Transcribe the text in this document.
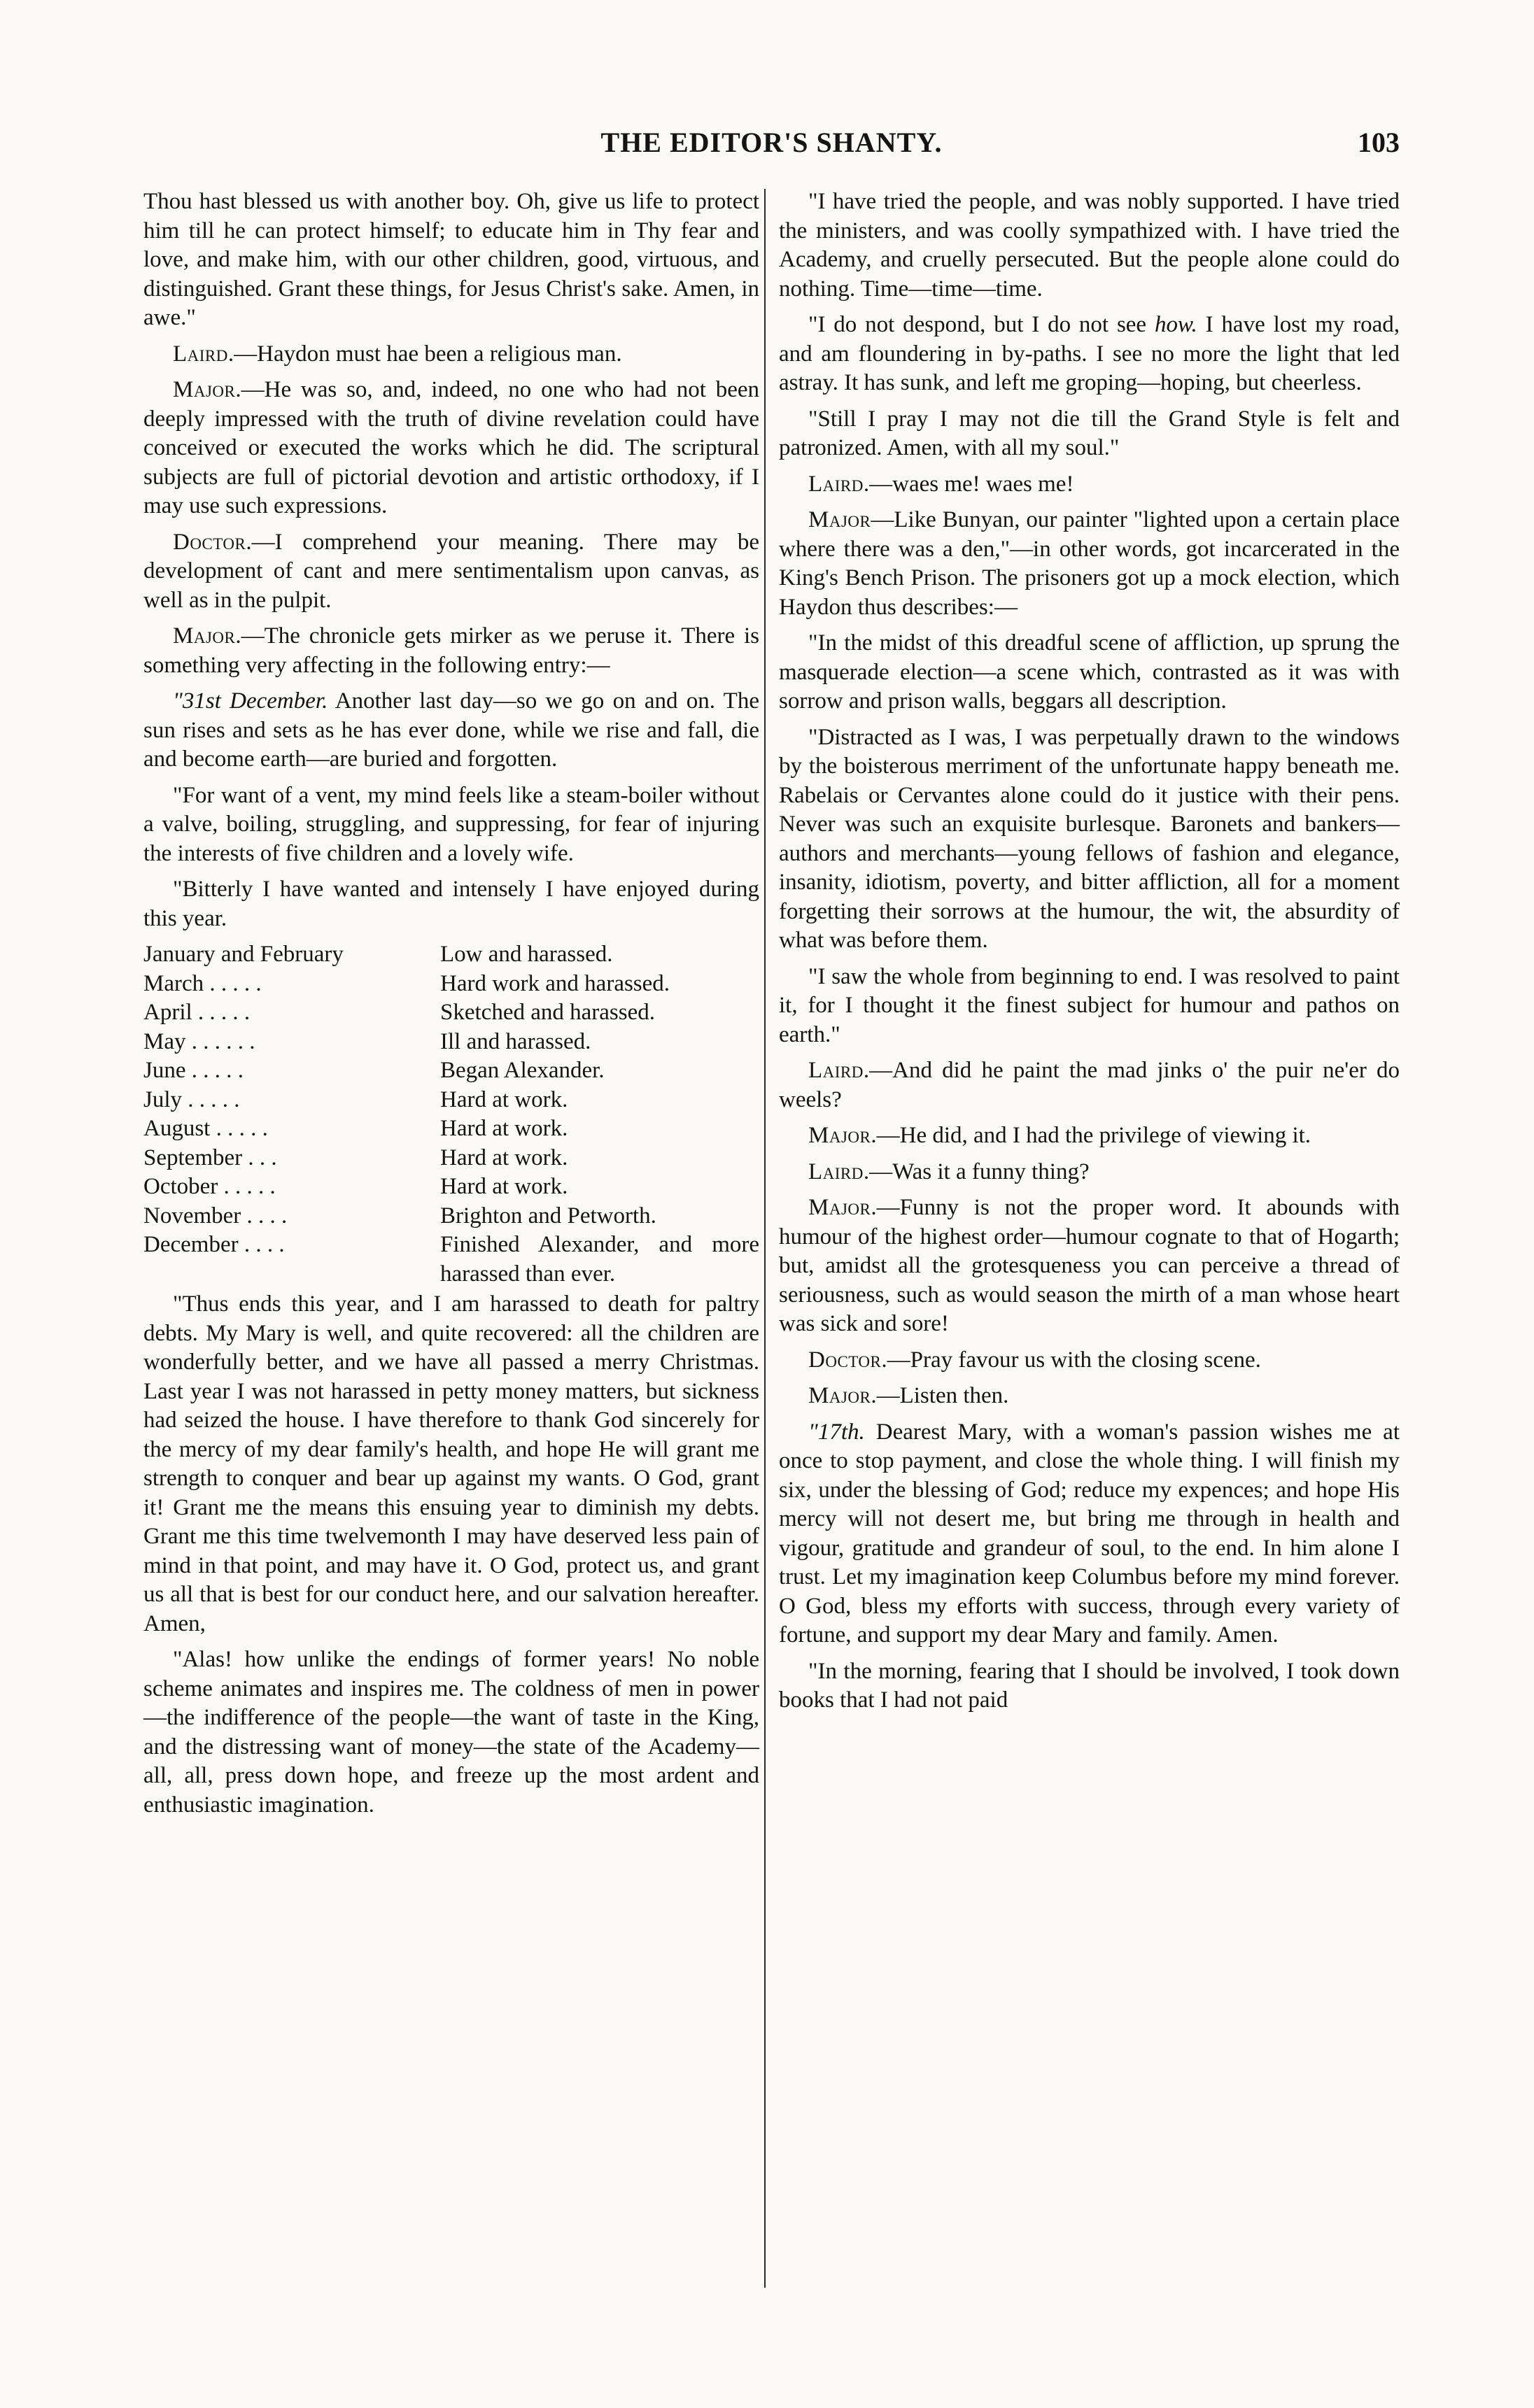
THE EDITOR'S SHANTY.	103

Thou hast blessed us with another boy. Oh, give us life to protect him till he can protect himself; to educate him in Thy fear and love, and make him, with our other children, good, virtuous, and distinguished. Grant these things, for Jesus Christ's sake. Amen, in awe."

Laird.—Haydon must hae been a religious man.

Major.—He was so, and, indeed, no one who had not been deeply impressed with the truth of divine revelation could have conceived or executed the works which he did. The scriptural subjects are full of pictorial devotion and artistic orthodoxy, if I may use such expressions.

Doctor.—I comprehend your meaning. There may be development of cant and mere sentimentalism upon canvas, as well as in the pulpit.

Major.—The chronicle gets mirker as we peruse it. There is something very affecting in the following entry:—

"31st December. Another last day—so we go on and on. The sun rises and sets as he has ever done, while we rise and fall, die and become earth—are buried and forgotten.

"For want of a vent, my mind feels like a steam-boiler without a valve, boiling, struggling, and suppressing, for fear of injuring the interests of five children and a lovely wife.

"Bitterly I have wanted and intensely I have enjoyed during this year.

January and February	Low and harassed.
March . . . . .	Hard work and harassed.
April . . . . .	Sketched and harassed.
May . . . . . .	Ill and harassed.
June . . . . .	Began Alexander.
July . . . . .	Hard at work.
August . . . . .	Hard at work.
September . . .	Hard at work.
October . . . . .	Hard at work.
November . . . .	Brighton and Petworth.
December . . . .	Finished Alexander, and more harassed than ever.

"Thus ends this year, and I am harassed to death for paltry debts. My Mary is well, and quite recovered: all the children are wonderfully better, and we have all passed a merry Christmas. Last year I was not harassed in petty money matters, but sickness had seized the house. I have therefore to thank God sincerely for the mercy of my dear family's health, and hope He will grant me strength to conquer and bear up against my wants. O God, grant it! Grant me the means this ensuing year to diminish my debts. Grant me this time twelvemonth I may have deserved less pain of mind in that point, and may have it. O God, protect us, and grant us all that is best for our conduct here, and our salvation hereafter. Amen,

"Alas! how unlike the endings of former years! No noble scheme animates and inspires me. The coldness of men in power—the indifference of the people—the want of taste in the King, and the distressing want of money—the state of the Academy—all, all, press down hope, and freeze up the most ardent and enthusiastic imagination.

"I have tried the people, and was nobly supported. I have tried the ministers, and was coolly sympathized with. I have tried the Academy, and cruelly persecuted. But the people alone could do nothing. Time—time—time.

"I do not despond, but I do not see how. I have lost my road, and am floundering in by-paths. I see no more the light that led astray. It has sunk, and left me groping—hoping, but cheerless.

"Still I pray I may not die till the Grand Style is felt and patronized. Amen, with all my soul."

Laird.—waes me! waes me!

Major—Like Bunyan, our painter "lighted upon a certain place where there was a den,"—in other words, got incarcerated in the King's Bench Prison. The prisoners got up a mock election, which Haydon thus describes:—

"In the midst of this dreadful scene of affliction, up sprung the masquerade election—a scene which, contrasted as it was with sorrow and prison walls, beggars all description.

"Distracted as I was, I was perpetually drawn to the windows by the boisterous merriment of the unfortunate happy beneath me. Rabelais or Cervantes alone could do it justice with their pens. Never was such an exquisite burlesque. Baronets and bankers—authors and merchants—young fellows of fashion and elegance, insanity, idiotism, poverty, and bitter affliction, all for a moment forgetting their sorrows at the humour, the wit, the absurdity of what was before them.

"I saw the whole from beginning to end. I was resolved to paint it, for I thought it the finest subject for humour and pathos on earth."

Laird.—And did he paint the mad jinks o' the puir ne'er do weels?

Major.—He did, and I had the privilege of viewing it.

Laird.—Was it a funny thing?

Major.—Funny is not the proper word. It abounds with humour of the highest order—humour cognate to that of Hogarth; but, amidst all the grotesqueness you can perceive a thread of seriousness, such as would season the mirth of a man whose heart was sick and sore!

Doctor.—Pray favour us with the closing scene.

Major.—Listen then.

"17th. Dearest Mary, with a woman's passion wishes me at once to stop payment, and close the whole thing. I will finish my six, under the blessing of God; reduce my expences; and hope His mercy will not desert me, but bring me through in health and vigour, gratitude and grandeur of soul, to the end. In him alone I trust. Let my imagination keep Columbus before my mind forever. O God, bless my efforts with success, through every variety of fortune, and support my dear Mary and family. Amen.

"In the morning, fearing that I should be involved, I took down books that I had not paid
